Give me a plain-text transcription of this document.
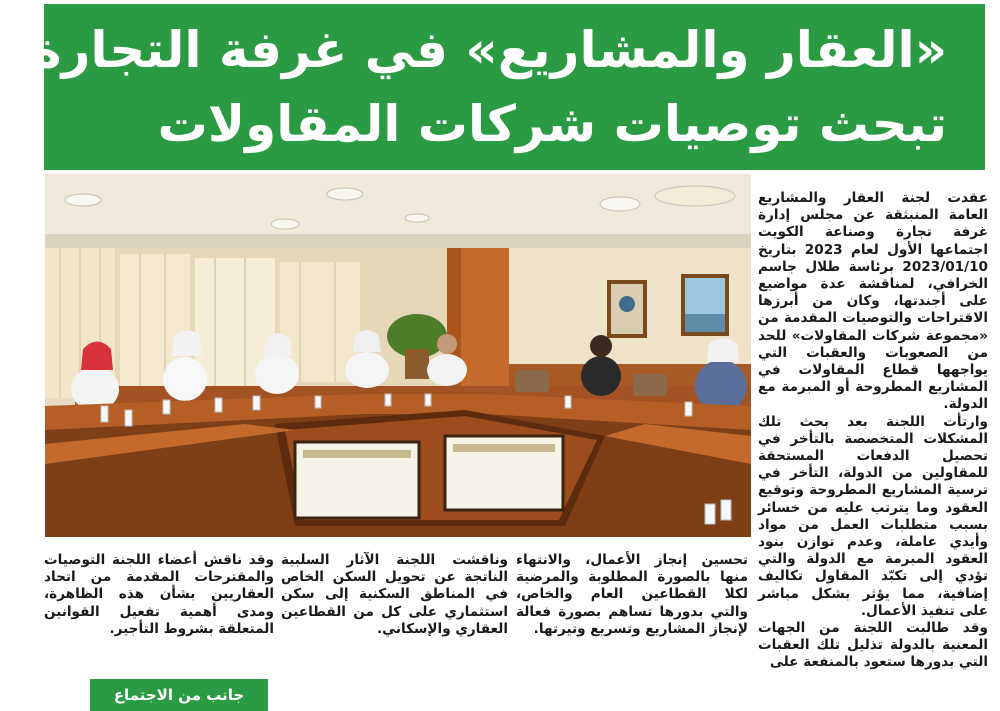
«العقار والمشاريع» في غرفة التجارة
تبحث توصيات شركات المقاولات
جانب من الاجتماع

عقدت لجنة العقار والمشاريع العامة المنبثقة عن مجلس إدارة غرفة تجارة وصناعة الكويت اجتماعها الأول لعام 2023 بتاريخ 2023/01/10 برئاسة طلال جاسم الخرافي، لمناقشة عدة مواضيع على أجندتها، وكان من أبرزها الاقتراحات والتوصيات المقدمة من «مجموعة شركات المقاولات» للحد من الصعوبات والعقبات التي يواجهها قطاع المقاولات في المشاريع المطروحة أو المبرمة مع الدولة.

وارتأت اللجنة بعد بحث تلك المشكلات المتخصصة بالتأخر في تحصيل الدفعات المستحقة للمقاولين من الدولة، التأخر في ترسية المشاريع المطروحة وتوقيع العقود وما يترتب عليه من خسائر بسبب متطلبات العمل من مواد وأيدي عاملة، وعدم توازن بنود العقود المبرمة مع الدولة والتي تؤدي إلى تكبّد المقاول تكاليف إضافية، مما يؤثر بشكل مباشر على تنفيذ الأعمال.

وقد طالبت اللجنة من الجهات المعنية بالدولة تذليل تلك العقبات التي بدورها ستعود بالمنفعة على

تحسين إنجاز الأعمال، والانتهاء منها بالصورة المطلوبة والمرضية لكلا القطاعين العام والخاص، والتي بدورها تساهم بصورة فعالة لإنجاز المشاريع وتسريع وتيرتها.

وناقشت اللجنة الآثار السلبية الناتجة عن تحويل السكن الخاص في المناطق السكنية إلى سكن استثماري على كل من القطاعين العقاري والإسكاني.

وقد ناقش أعضاء اللجنة التوصيات والمقترحات المقدمة من اتحاد العقاريين بشأن هذه الظاهرة، ومدى أهمية تفعيل القوانين المتعلقة بشروط التأجير.
